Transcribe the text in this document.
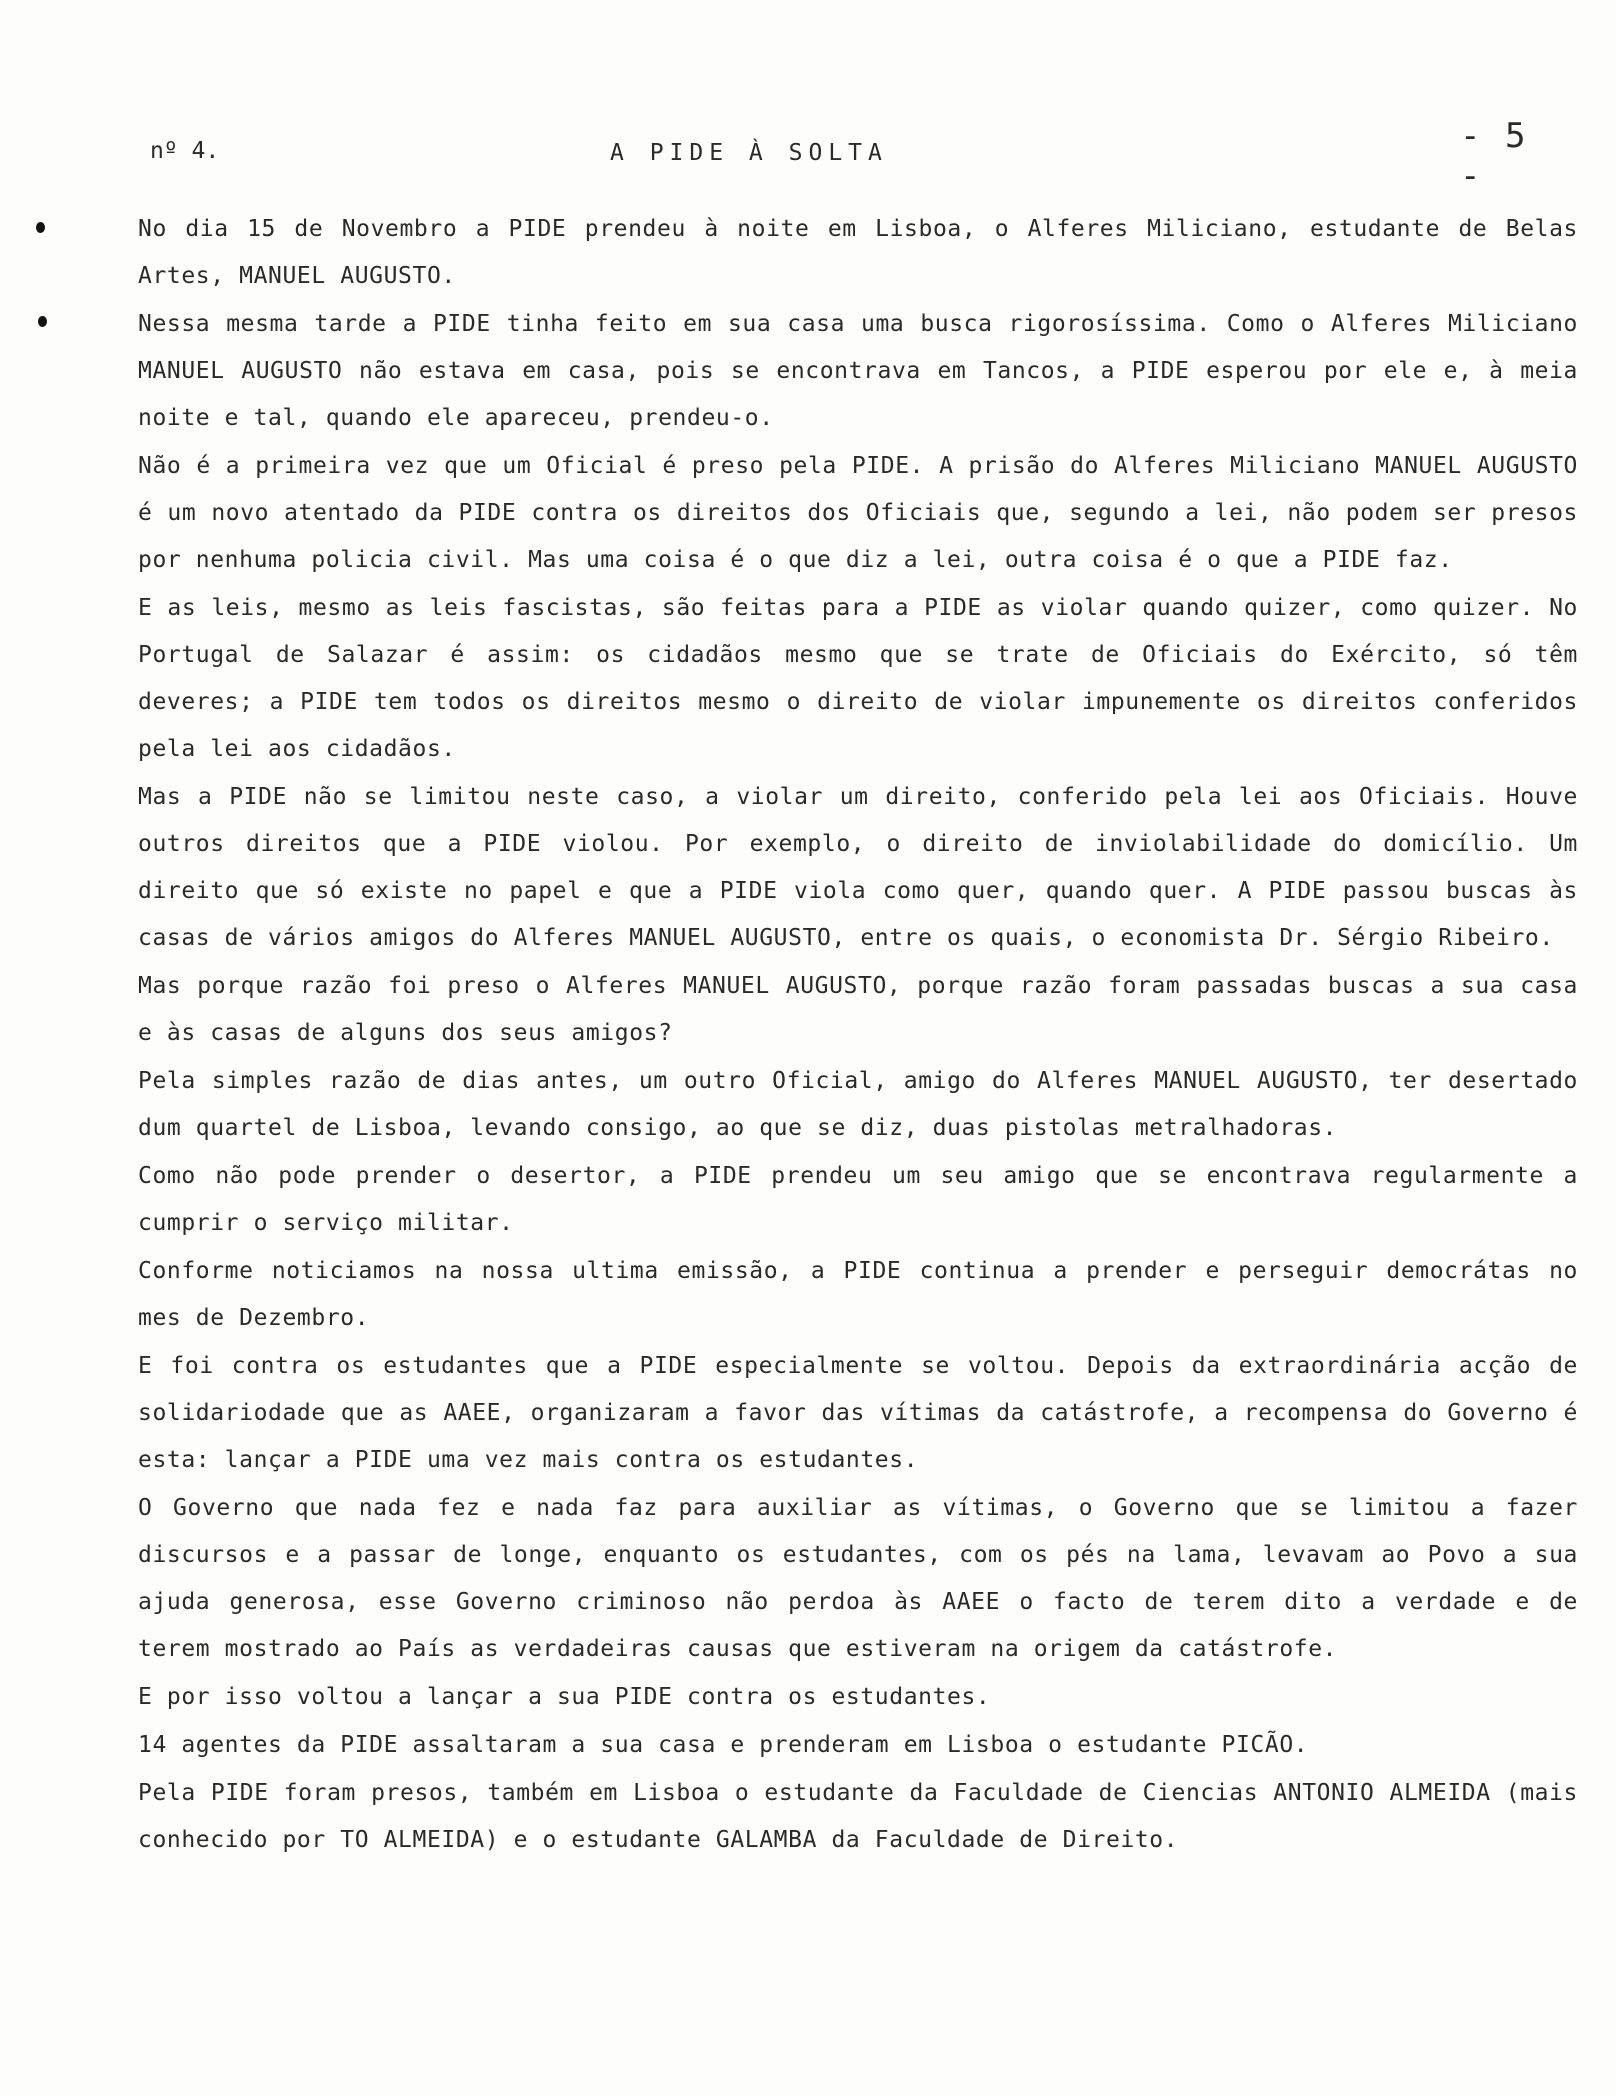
nº 4.	A PIDE À SOLTA	- 5 -

No dia 15 de Novembro a PIDE prendeu à noite em Lisboa, o Alferes Miliciano, estudante de Belas Artes, MANUEL AUGUSTO.

Nessa mesma tarde a PIDE tinha feito em sua casa uma busca rigorosíssima. Como o Alferes Miliciano MANUEL AUGUSTO não estava em casa, pois se encontrava em Tancos, a PIDE esperou por ele e, à meia noite e tal, quando ele apareceu, prendeu-o.

Não é a primeira vez que um Oficial é preso pela PIDE. A prisão do Alferes Miliciano MANUEL AUGUSTO é um novo atentado da PIDE contra os direitos dos Oficiais que, segundo a lei, não podem ser presos por nenhuma policia civil. Mas uma coisa é o que diz a lei, outra coisa é o que a PIDE faz.

E as leis, mesmo as leis fascistas, são feitas para a PIDE as violar quando quizer, como quizer. No Portugal de Salazar é assim: os cidadãos mesmo que se trate de Oficiais do Exército, só têm deveres; a PIDE tem todos os direitos mesmo o direito de violar impunemente os direitos conferidos pela lei aos cidadãos.

Mas a PIDE não se limitou neste caso, a violar um direito, conferido pela lei aos Oficiais. Houve outros direitos que a PIDE violou. Por exemplo, o direito de inviolabilidade do domicílio. Um direito que só existe no papel e que a PIDE viola como quer, quando quer. A PIDE passou buscas às casas de vários amigos do Alferes MANUEL AUGUSTO, entre os quais, o economista Dr. Sérgio Ribeiro.

Mas porque razão foi preso o Alferes MANUEL AUGUSTO, porque razão foram passadas buscas a sua casa e às casas de alguns dos seus amigos?

Pela simples razão de dias antes, um outro Oficial, amigo do Alferes MANUEL AUGUSTO, ter desertado dum quartel de Lisboa, levando consigo, ao que se diz, duas pistolas metralhadoras.

Como não pode prender o desertor, a PIDE prendeu um seu amigo que se encontrava regularmente a cumprir o serviço militar.

Conforme noticiamos na nossa ultima emissão, a PIDE continua a prender e perseguir democrátas no mes de Dezembro.

E foi contra os estudantes que a PIDE especialmente se voltou. Depois da extraordinária acção de solidariodade que as AAEE, organizaram a favor das vítimas da catástrofe, a recompensa do Governo é esta: lançar a PIDE uma vez mais contra os estudantes.

O Governo que nada fez e nada faz para auxiliar as vítimas, o Governo que se limitou a fazer discursos e a passar de longe, enquanto os estudantes, com os pés na lama, levavam ao Povo a sua ajuda generosa, esse Governo criminoso não perdoa às AAEE o facto de terem dito a verdade e de terem mostrado ao País as verdadeiras causas que estiveram na origem da catástrofe.

E por isso voltou a lançar a sua PIDE contra os estudantes.

14 agentes da PIDE assaltaram a sua casa e prenderam em Lisboa o estudante PICÃO.

Pela PIDE foram presos, também em Lisboa o estudante da Faculdade de Ciencias ANTONIO ALMEIDA (mais conhecido por TO ALMEIDA) e o estudante GALAMBA da Faculdade de Direito.
